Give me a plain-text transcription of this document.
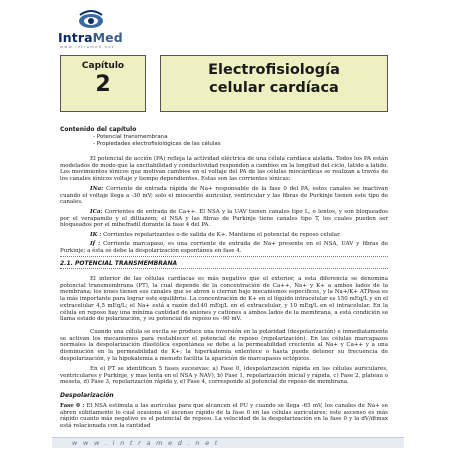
IntraMed
w w w . i n t r a m e d . n e t
Capítulo
2
Electrofisiología
celular cardíaca
Contenido del capítulo
- Potencial transmembrana
- Propiedades electrofisiológicas de las células
El potencial de acción (PA) refleja la actividad eléctrica de una célula cardíaca aislada. Todos los PA están modelados de modo que la excitabilidad y conductividad responden a cambios en la longitud del ciclo, latido a latido. Los movimientos iónicos que motivan cambios en el voltaje del PA de las células miocárdicas se realizan a través de los canales iónicos voltaje y tiempo dependientes. Estas son las corrientes iónicas:
INa: Corriente de entrada rápida de Na+ responsable de la fase 0 del PA, estos canales se inactivan cuando el voltaje llega a -30 mV; solo el miocardio auricular, ventricular y las fibras de Purkinje tienen este tipo de canales.
ICa: Corrientes de entrada de Ca++. El NSA y la UAV tienen canales tipo L, o lentos, y son bloqueados por el verapamilo y el diltiazem; el NSA y las fibras de Purkinje tiene canales tipo T, los cuales pueden ser bloqueados por el mibefradil durante la fase 4 del PA.
IK : Corrientes repolarizantes o de salida de K+. Mantiene el potencial de reposo celular.
If : Corriente marcapaso, es una corriente de entrada de Na+ presente en el NSA, UAV y fibras de Purkinje; a ésta se debe la despolarización espontánea en fase 4.
2.1. POTENCIAL TRANSMEMBRANA
El interior de las células cardíacas es más negativo que el exterior, a esta diferencia se denomina potencial transmembrana (PT), la cual depende de la concentración de Ca++, Na+ y K+ a ambos lados de la membrana; los iones tienen sus canales que se abren o cierran bajo mecanismos específicos, y la Na+/K+ ATPasa es la más importante para lograr este equilibrio. La concentración de K+ en el líquido intracelular es 150 mEq/L y en el extracelular 4,5 mEq/L; el Na+ está a razón de140 mEq/L en el extracelular, y 10 mEq/L en el intracelular. En la célula en reposo hay una mínima cantidad de aniones y cationes a ambos lados de la membrana, a está condición se llama estado de polarización, y su potencial de reposo es -90 mV.
Cuando una célula se excita se produce una inversión en la polaridad (despolarización) e inmediatamente se activan los mecanismos para restablecer el potencial de reposo (repolarización). En las células marcapasos normales la despolarización diastólica espontánea se debe a la permeabilidad creciente al Na+ y Ca++ y a una disminución en la permeabilidad de K+; la hiperkalemia enlentece o hasta puede detener su frecuencia de despolarización, y la hipokalemia a menudo facilita la aparición de marcapasos ectópicos.
En el PT se identifican 5 fases sucesivas: a) Fase 0, (despolarización rápida en las células auriculares, ventriculares y Purkinje, y mas lenta en el NSA y NAV), b) Fase 1, repolarización inicial y rápida, c) Fase 2, plateau o meseta, d) Fase 3, repolarización rápida y, e) Fase 4, corresponde al potencial de reposo de membrana.
Despolarización
Fase 0 : El NSA estimula a las aurículas para que alcancen el PU y cuando se llega -65 mV, los canales de Na+ se abren súbitamente lo cual ocasiona el ascenso rápido de la fase 0 en las células auriculares; este ascenso es más rápido cuanto más negativo es el potencial de reposo. La velocidad de la despolarización en la fase 0 y la dV/dtmax está relacionada con la cantidad
w w w . i n t r a m e d . n e t
